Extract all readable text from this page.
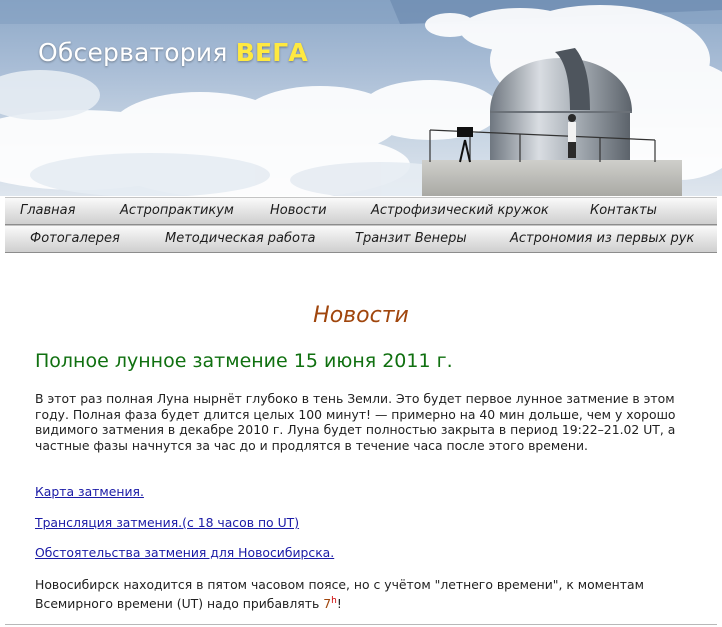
Обсерватория ВЕГА
Главная	Астропрактикум	Новости	Астрофизический кружок	Контакты
Фотогалерея	Методическая работа	Транзит Венеры	Астрономия из первых рук
Новости
Полное лунное затмение 15 июня 2011 г.

В этот раз полная Луна нырнёт глубоко в тень Земли. Это будет первое лунное затмение в этом году. Полная фаза будет длится целых 100 минут! — примерно на 40 мин дольше, чем у хорошо видимого затмения в декабре 2010 г. Луна будет полностью закрыта в период 19:22–21.02 UT, а частные фазы начнутся за час до и продлятся в течение часа после этого времени.

Карта затмения.
Трансляция затмения.(с 18 часов по UT)
Обстоятельства затмения для Новосибирска.

Новосибирск находится в пятом часовом поясе, но с учётом "летнего времени", к моментам Всемирного времени (UT) надо прибавлять 7$^h$!
